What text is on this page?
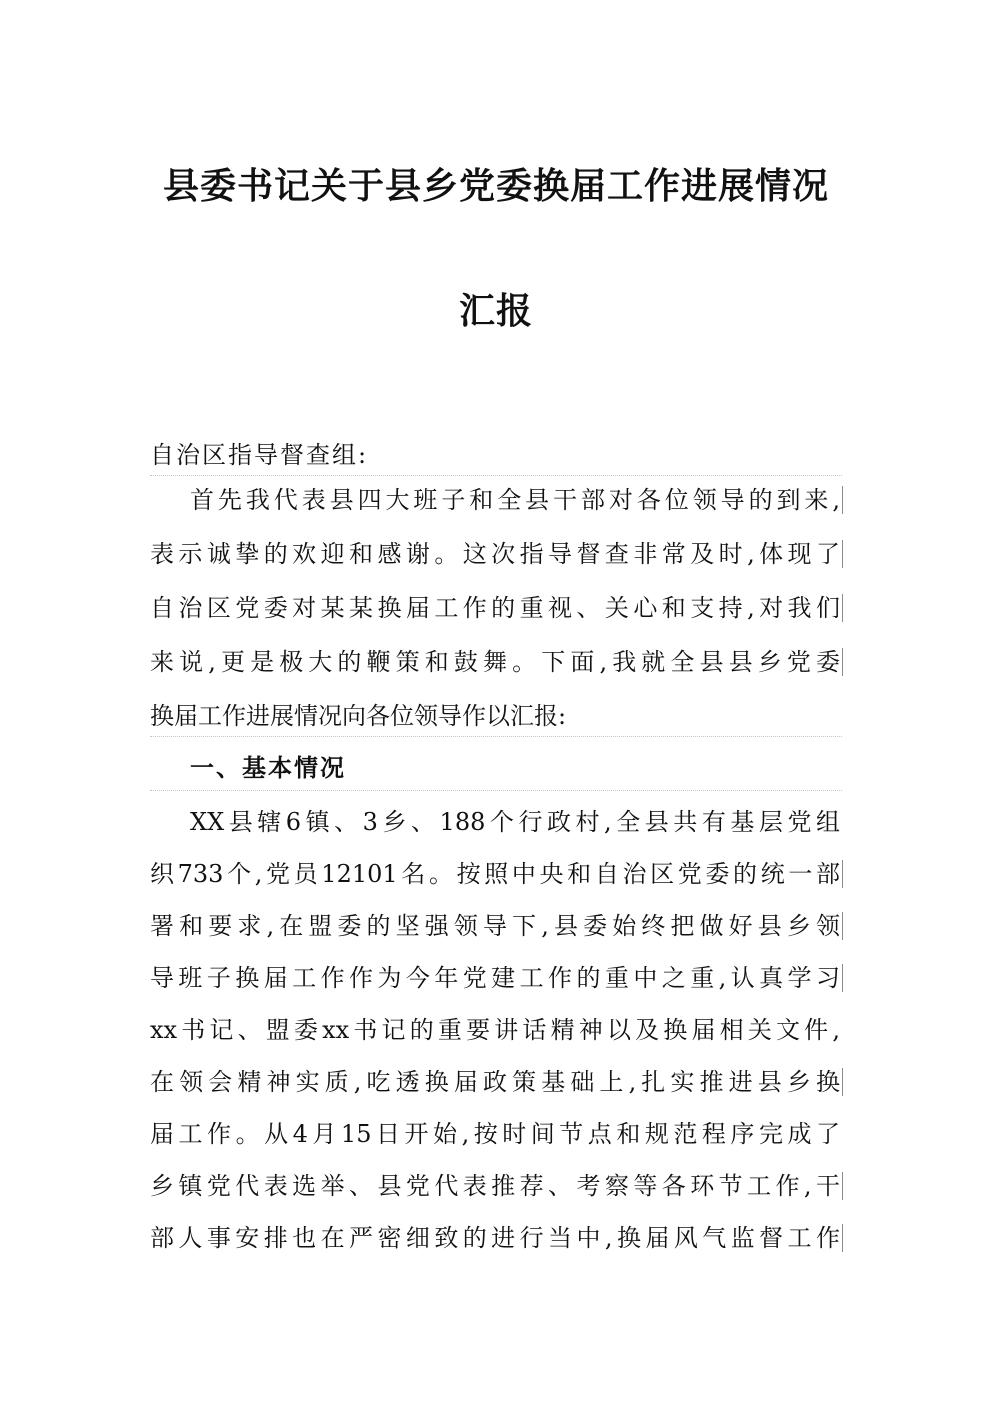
县委书记关于县乡党委换届工作进展情况
汇报
自治区指导督查组:
首先我代表县四大班子和全县干部对各位领导的到来,
表示诚挚的欢迎和感谢。这次指导督查非常及时,体现了
自治区党委对某某换届工作的重视、关心和支持,对我们
来说,更是极大的鞭策和鼓舞。下面,我就全县县乡党委
换届工作进展情况向各位领导作以汇报:
一、基本情况
XX县辖6镇、3乡、188个行政村,全县共有基层党组
织733个,党员12101名。按照中央和自治区党委的统一部
署和要求,在盟委的坚强领导下,县委始终把做好县乡领
导班子换届工作作为今年党建工作的重中之重,认真学习
xx书记、盟委xx书记的重要讲话精神以及换届相关文件,
在领会精神实质,吃透换届政策基础上,扎实推进县乡换
届工作。从4月15日开始,按时间节点和规范程序完成了
乡镇党代表选举、县党代表推荐、考察等各环节工作,干
部人事安排也在严密细致的进行当中,换届风气监督工作
